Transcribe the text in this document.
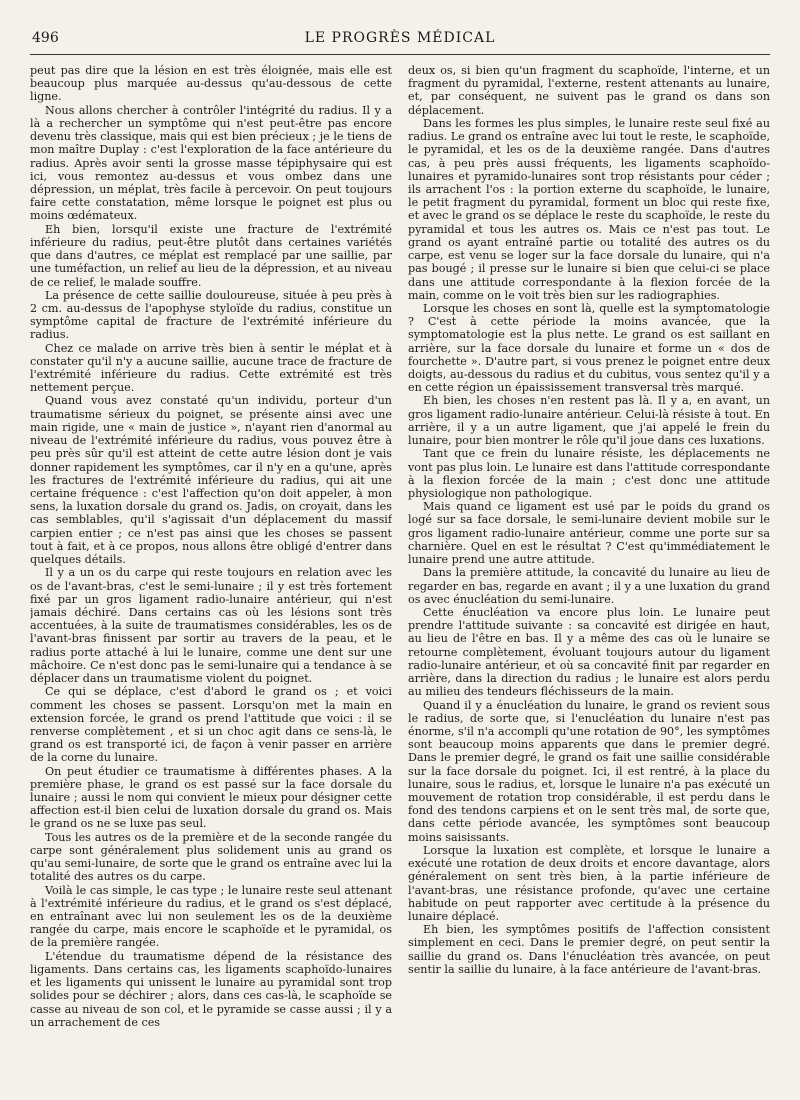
496	LE PROGRÈS MÉDICAL

peut pas dire que la lésion en est très éloignée, mais elle est beaucoup plus marquée au-dessus qu'au-dessous de cette ligne.

Nous allons chercher à contrôler l'intégrité du radius. Il y a là a rechercher un symptôme qui n'est peut-être pas encore devenu très classique, mais qui est bien précieux ; je le tiens de mon maître Duplay : c'est l'exploration de la face antérieure du radius. Après avoir senti la grosse masse tépiphysaire qui est ici, vous remontez au-dessus et vous ombez dans une dépression, un méplat, très facile à percevoir. On peut toujours faire cette constatation, même lorsque le poignet est plus ou moins œdémateux.

Eh bien, lorsqu'il existe une fracture de l'extrémité inférieure du radius, peut-être plutôt dans certaines variétés que dans d'autres, ce méplat est remplacé par une saillie, par une tuméfaction, un relief au lieu de la dépression, et au niveau de ce relief, le malade souffre.

La présence de cette saillie douloureuse, située à peu près à 2 cm. au-dessus de l'apophyse styloïde du radius, constitue un symptôme capital de fracture de l'extrémité inférieure du radius.

Chez ce malade on arrive très bien à sentir le méplat et à constater qu'il n'y a aucune saillie, aucune trace de fracture de l'extrémité inférieure du radius. Cette extrémité est très nettement perçue.

Quand vous avez constaté qu'un individu, porteur d'un traumatisme sérieux du poignet, se présente ainsi avec une main rigide, une « main de justice », n'ayant rien d'anormal au niveau de l'extrémité inférieure du radius, vous pouvez être à peu près sûr qu'il est atteint de cette autre lésion dont je vais donner rapidement les symptômes, car il n'y en a qu'une, après les fractures de l'extrémité inférieure du radius, qui ait une certaine fréquence : c'est l'affection qu'on doit appeler, à mon sens, la luxation dorsale du grand os. Jadis, on croyait, dans les cas semblables, qu'il s'agissait d'un déplacement du massif carpien entier ; ce n'est pas ainsi que les choses se passent tout à fait, et à ce propos, nous allons être obligé d'entrer dans quelques détails.

Il y a un os du carpe qui reste toujours en relation avec les os de l'avant-bras, c'est le semi-lunaire ; il y est très fortement fixé par un gros ligament radio-lunaire antérieur, qui n'est jamais déchiré. Dans certains cas où les lésions sont très accentuées, à la suite de traumatismes considérables, les os de l'avant-bras finissent par sortir au travers de la peau, et le radius porte attaché à lui le lunaire, comme une dent sur une mâchoire. Ce n'est donc pas le semi-lunaire qui a tendance à se déplacer dans un traumatisme violent du poignet.

Ce qui se déplace, c'est d'abord le grand os ; et voici comment les choses se passent. Lorsqu'on met la main en extension forcée, le grand os prend l'attitude que voici : il se renverse complètement , et si un choc agit dans ce sens-là, le grand os est transporté ici, de façon à venir passer en arrière de la corne du lunaire.

On peut étudier ce traumatisme à différentes phases. A la première phase, le grand os est passé sur la face dorsale du lunaire ; aussi le nom qui convient le mieux pour désigner cette affection est-il bien celui de luxation dorsale du grand os. Mais le grand os ne se luxe pas seul.

Tous les autres os de la première et de la seconde rangée du carpe sont généralement plus solidement unis au grand os qu'au semi-lunaire, de sorte que le grand os entraîne avec lui la totalité des autres os du carpe.

Voilà le cas simple, le cas type ; le lunaire reste seul attenant à l'extrémité inférieure du radius, et le grand os s'est déplacé, en entraînant avec lui non seulement les os de la deuxième rangée du carpe, mais encore le scaphoïde et le pyramidal, os de la première rangée.

L'étendue du traumatisme dépend de la résistance des ligaments. Dans certains cas, les ligaments scaphoïdo-lunaires et les ligaments qui unissent le lunaire au pyramidal sont trop solides pour se déchirer ; alors, dans ces cas-là, le scaphoïde se casse au niveau de son col, et le pyramide se casse aussi ; il y a un arrachement de ces

deux os, si bien qu'un fragment du scaphoïde, l'interne, et un fragment du pyramidal, l'externe, restent attenants au lunaire, et, par conséquent, ne suivent pas le grand os dans son déplacement.

Dans les formes les plus simples, le lunaire reste seul fixé au radius. Le grand os entraîne avec lui tout le reste, le scaphoïde, le pyramidal, et les os de la deuxième rangée. Dans d'autres cas, à peu près aussi fréquents, les ligaments scaphoïdo-lunaires et pyramido-lunaires sont trop résistants pour céder ; ils arrachent l'os : la portion externe du scaphoïde, le lunaire, le petit fragment du pyramidal, forment un bloc qui reste fixe, et avec le grand os se déplace le reste du scaphoïde, le reste du pyramidal et tous les autres os. Mais ce n'est pas tout. Le grand os ayant entraîné partie ou totalité des autres os du carpe, est venu se loger sur la face dorsale du lunaire, qui n'a pas bougé ; il presse sur le lunaire si bien que celui-ci se place dans une attitude correspondante à la flexion forcée de la main, comme on le voit très bien sur les radiographies.

Lorsque les choses en sont là, quelle est la symptomatologie ? C'est à cette période la moins avancée, que la symptomatologie est la plus nette. Le grand os est saillant en arrière, sur la face dorsale du lunaire et forme un « dos de fourchette ». D'autre part, si vous prenez le poignet entre deux doigts, au-dessous du radius et du cubitus, vous sentez qu'il y a en cette région un épaississement transversal très marqué.

Eh bien, les choses n'en restent pas là. Il y a, en avant, un gros ligament radio-lunaire antérieur. Celui-là résiste à tout. En arrière, il y a un autre ligament, que j'ai appelé le frein du lunaire, pour bien montrer le rôle qu'il joue dans ces luxations.

Tant que ce frein du lunaire résiste, les déplacements ne vont pas plus loin. Le lunaire est dans l'attitude correspondante à la flexion forcée de la main ; c'est donc une attitude physiologique non pathologique.

Mais quand ce ligament est usé par le poids du grand os logé sur sa face dorsale, le semi-lunaire devient mobile sur le gros ligament radio-lunaire antérieur, comme une porte sur sa charnière. Quel en est le résultat ? C'est qu'immédiatement le lunaire prend une autre attitude.

Dans la première attitude, la concavité du lunaire au lieu de regarder en bas, regarde en avant ; il y a une luxation du grand os avec énucléation du semi-lunaire.

Cette énucléation va encore plus loin. Le lunaire peut prendre l'attitude suivante : sa concavité est dirigée en haut, au lieu de l'être en bas. Il y a même des cas où le lunaire se retourne complètement, évoluant toujours autour du ligament radio-lunaire antérieur, et où sa concavité finit par regarder en arrière, dans la direction du radius ; le lunaire est alors perdu au milieu des tendeurs fléchisseurs de la main.

Quand il y a énucléation du lunaire, le grand os revient sous le radius, de sorte que, si l'enucléation du lunaire n'est pas énorme, s'il n'a accompli qu'une rotation de 90°, les symptômes sont beaucoup moins apparents que dans le premier degré. Dans le premier degré, le grand os fait une saillie considérable sur la face dorsale du poignet. Ici, il est rentré, à la place du lunaire, sous le radius, et, lorsque le lunaire n'a pas exécuté un mouvement de rotation trop considérable, il est perdu dans le fond des tendons carpiens et on le sent très mal, de sorte que, dans cette période avancée, les symptômes sont beaucoup moins saisissants.

Lorsque la luxation est complète, et lorsque le lunaire a exécuté une rotation de deux droits et encore davantage, alors généralement on sent très bien, à la partie inférieure de l'avant-bras, une résistance profonde, qu'avec une certaine habitude on peut rapporter avec certitude à la présence du lunaire déplacé.

Eh bien, les symptômes positifs de l'affection consistent simplement en ceci. Dans le premier degré, on peut sentir la saillie du grand os. Dans l'énucléation très avancée, on peut sentir la saillie du lunaire, à la face antérieure de l'avant-bras.
